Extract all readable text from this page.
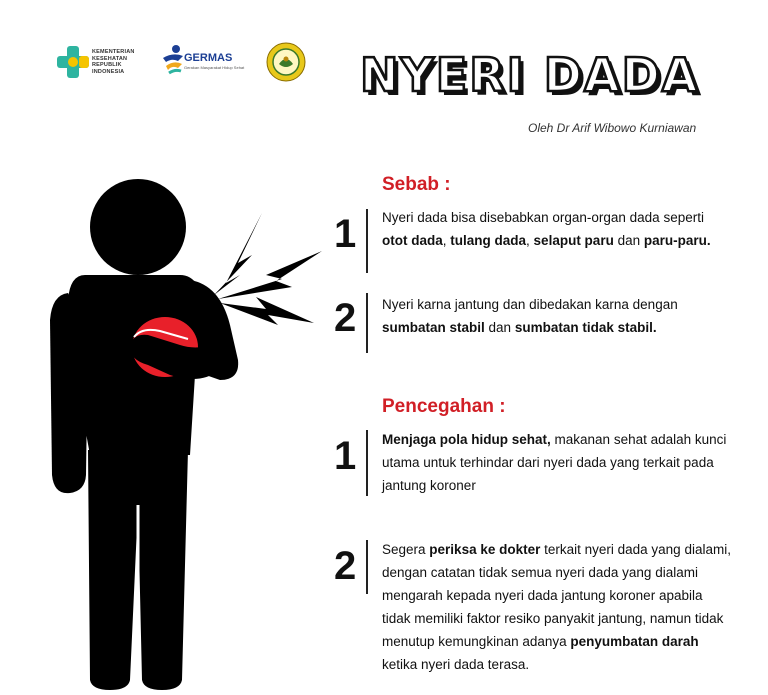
KEMENTERIAN
KESEHATAN
REPUBLIK
INDONESIA
GERMAS
Gerakan Masyarakat Hidup Sehat	NYERI DADA
Oleh Dr Arif Wibowo Kurniawan
Sebab :
1 Nyeri dada bisa disebabkan organ-organ dada seperti otot dada, tulang dada, selaput paru dan paru-paru.
2 Nyeri karna jantung dan dibedakan karna dengan sumbatan stabil dan sumbatan tidak stabil.
Pencegahan :
1 Menjaga pola hidup sehat, makanan sehat adalah kunci utama untuk terhindar dari nyeri dada yang terkait pada jantung koroner
2 Segera periksa ke dokter terkait nyeri dada yang dialami, dengan catatan tidak semua nyeri dada yang dialami mengarah kepada nyeri dada jantung koroner apabila tidak memiliki faktor resiko panyakit jantung, namun tidak menutup kemungkinan adanya penyumbatan darah ketika nyeri dada terasa.
